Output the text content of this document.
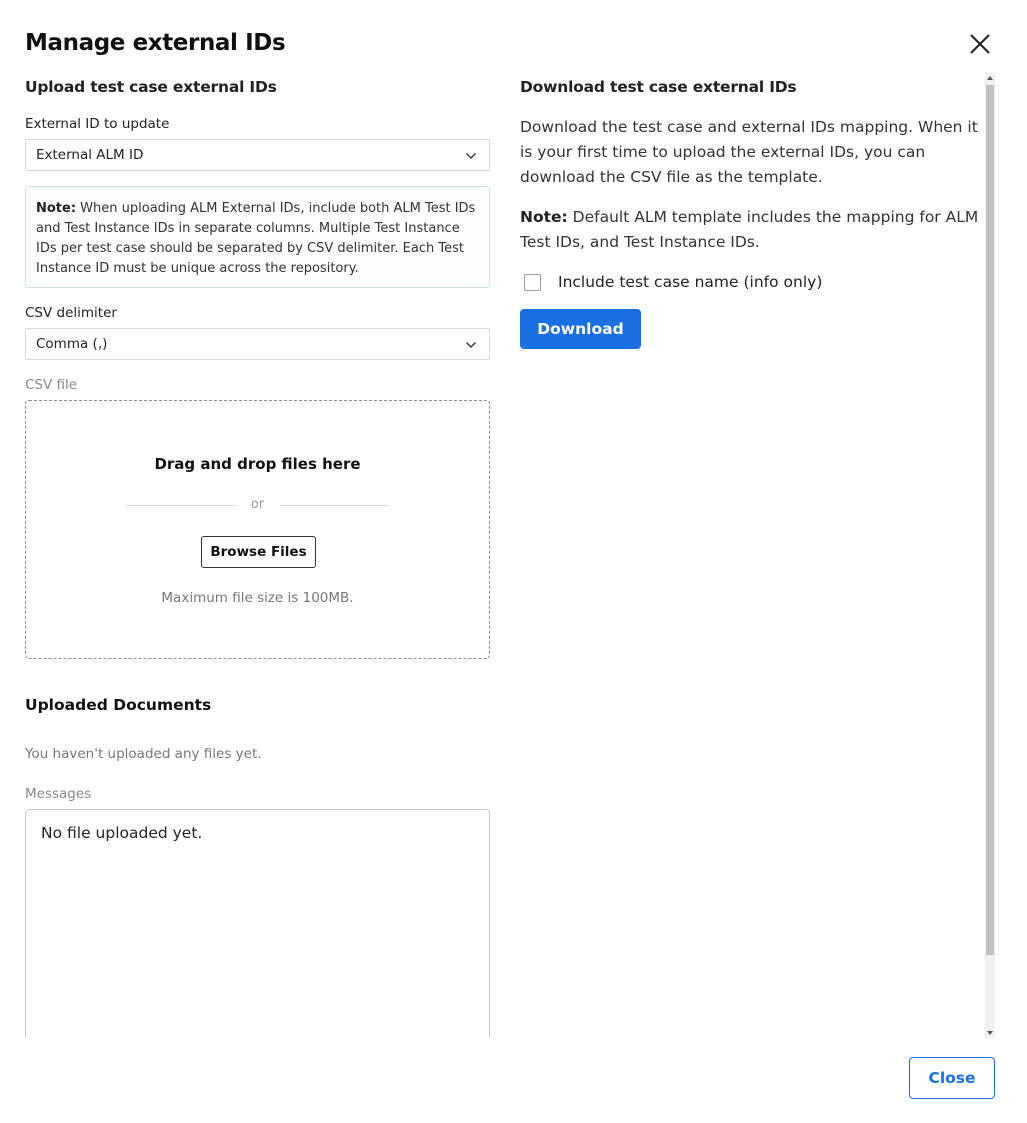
Manage external IDs
Upload test case external IDs
External ID to update
External ALM ID
Note: When uploading ALM External IDs, include both ALM Test IDs and Test Instance IDs in separate columns. Multiple Test Instance IDs per test case should be separated by CSV delimiter. Each Test Instance ID must be unique across the repository.
CSV delimiter
Comma (,)
CSV file
Drag and drop files here
or
Browse Files
Maximum file size is 100MB.
Uploaded Documents
You haven't uploaded any files yet.
Messages
No file uploaded yet.
Download test case external IDs
Download the test case and external IDs mapping. When it is your first time to upload the external IDs, you can download the CSV file as the template.
Note: Default ALM template includes the mapping for ALM Test IDs, and Test Instance IDs.
Include test case name (info only)
Download
Close
